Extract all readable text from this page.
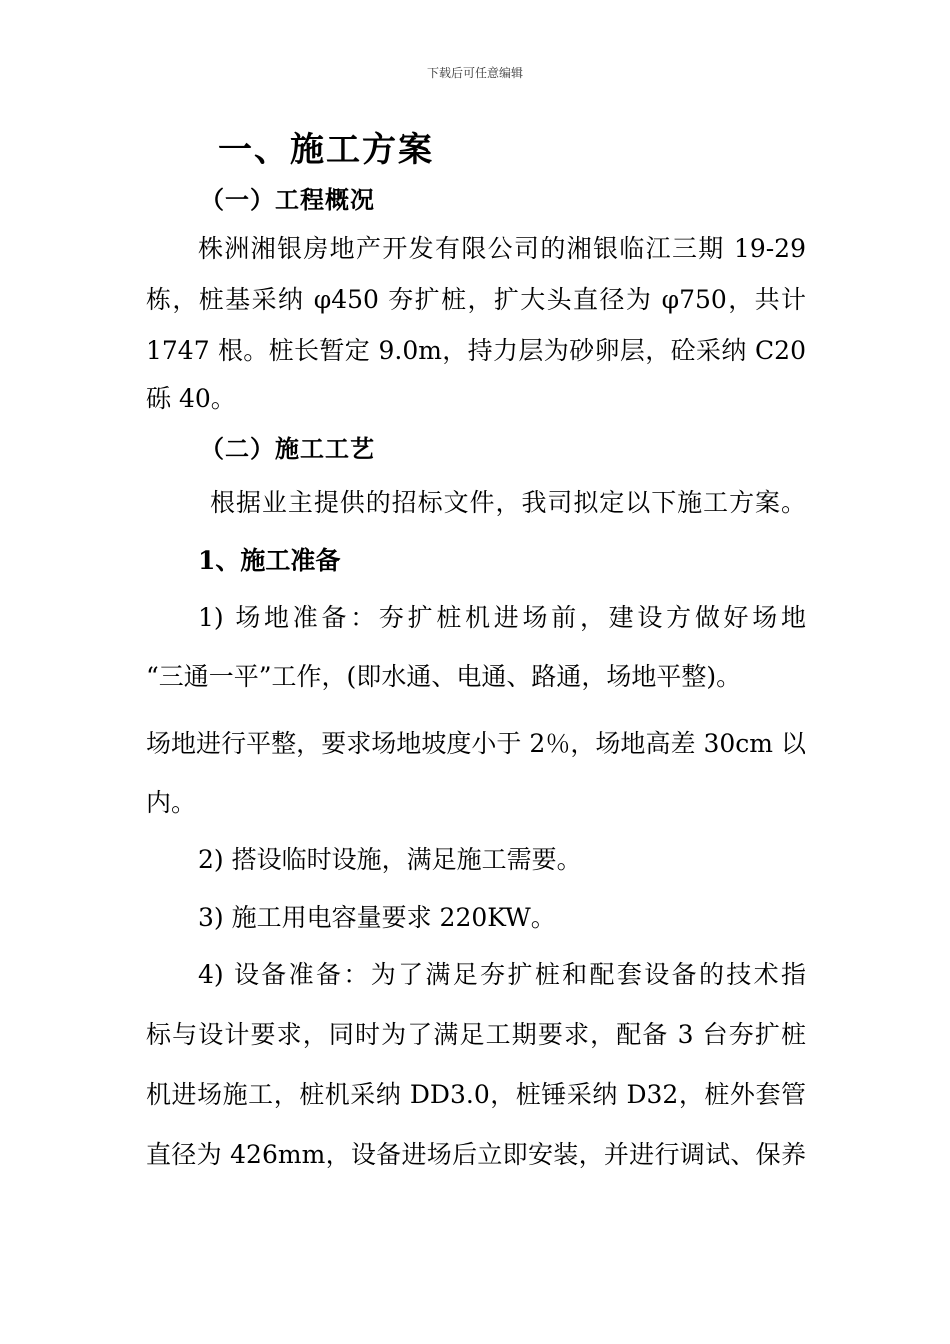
下载后可任意编辑
一、施工方案
（一）工程概况
株洲湘银房地产开发有限公司的湘银临江三期 19-29
栋，桩基采纳 φ450 夯扩桩，扩大头直径为 φ750，共计
1747 根。桩长暂定 9.0m，持力层为砂卵层，砼采纳 C20
砾 40。
（二）施工工艺
根据业主提供的招标文件，我司拟定以下施工方案。
1、施工准备
1) 场地准备：夯扩桩机进场前，建设方做好场地
“三通一平”工作，(即水通、电通、路通，场地平整)。
场地进行平整，要求场地坡度小于 2％，场地高差 30cm 以
内。
2) 搭设临时设施，满足施工需要。
3) 施工用电容量要求 220KW。
4) 设备准备：为了满足夯扩桩和配套设备的技术指
标与设计要求，同时为了满足工期要求，配备 3 台夯扩桩
机进场施工，桩机采纳 DD3.0，桩锤采纳 D32，桩外套管
直径为 426mm，设备进场后立即安装，并进行调试、保养
